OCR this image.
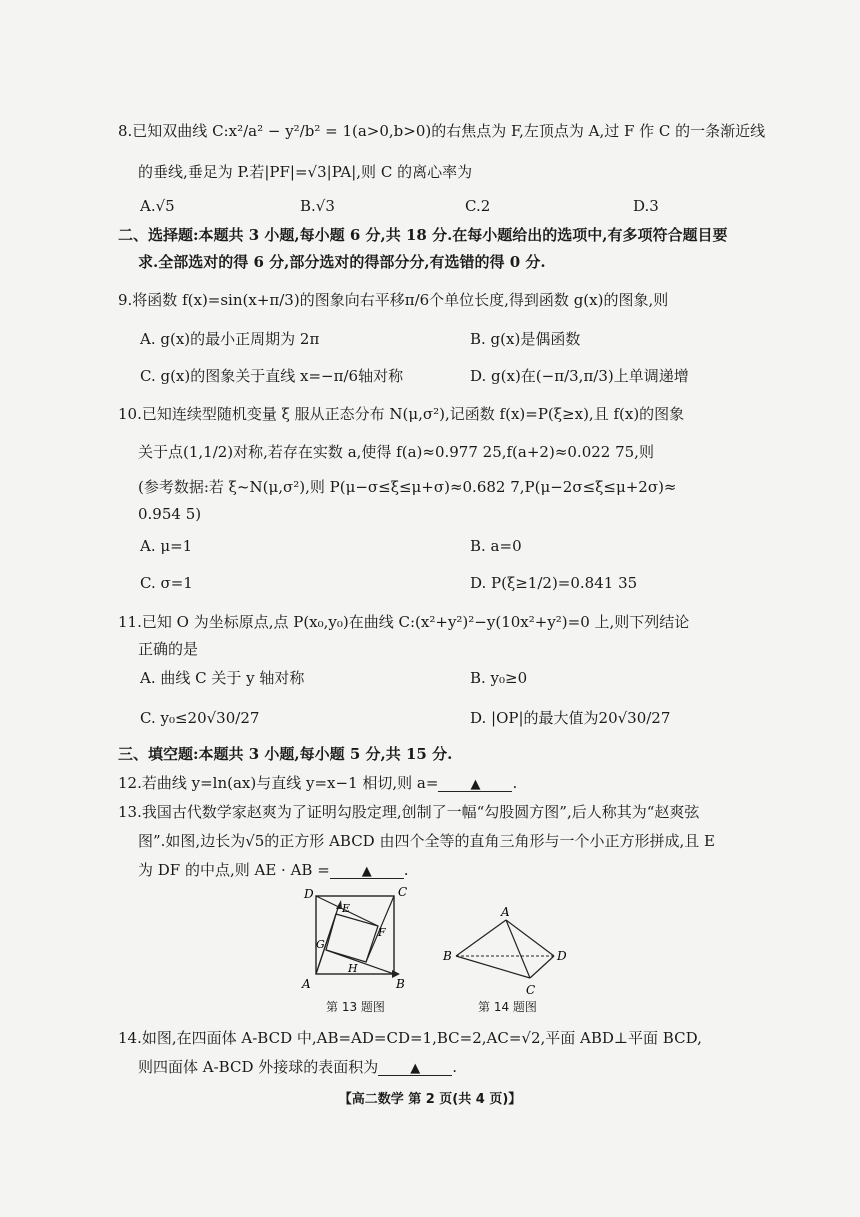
8.已知双曲线 C:x²/a² − y²/b² = 1(a>0,b>0)的右焦点为 F,左顶点为 A,过 F 作 C 的一条渐近线
的垂线,垂足为 P.若|PF|=√3|PA|,则 C 的离心率为
A.√5	B.√3	C.2	D.3
二、选择题:本题共 3 小题,每小题 6 分,共 18 分.在每小题给出的选项中,有多项符合题目要
求.全部选对的得 6 分,部分选对的得部分分,有选错的得 0 分.
9.将函数 f(x)=sin(x+π/3)的图象向右平移π/6个单位长度,得到函数 g(x)的图象,则
A. g(x)的最小正周期为 2π	B. g(x)是偶函数
C. g(x)的图象关于直线 x=−π/6轴对称	D. g(x)在(−π/3,π/3)上单调递增
10.已知连续型随机变量 ξ 服从正态分布 N(μ,σ²),记函数 f(x)=P(ξ≥x),且 f(x)的图象
关于点(1,1/2)对称,若存在实数 a,使得 f(a)≈0.977 25,f(a+2)≈0.022 75,则
(参考数据:若 ξ~N(μ,σ²),则 P(μ−σ≤ξ≤μ+σ)≈0.682 7,P(μ−2σ≤ξ≤μ+2σ)≈
0.954 5)
A. μ=1	B. a=0
C. σ=1	D. P(ξ≥1/2)=0.841 35
11.已知 O 为坐标原点,点 P(x₀,y₀)在曲线 C:(x²+y²)²−y(10x²+y²)=0 上,则下列结论
正确的是
A. 曲线 C 关于 y 轴对称	B. y₀≥0
C. y₀≤20√30/27	D. |OP|的最大值为20√30/27
三、填空题:本题共 3 小题,每小题 5 分,共 15 分.
12.若曲线 y=ln(ax)与直线 y=x−1 相切,则 a= ▲ .
13.我国古代数学家赵爽为了证明勾股定理,创制了一幅“勾股圆方图”,后人称其为“赵爽弦
图”.如图,边长为√5的正方形 ABCD 由四个全等的直角三角形与一个小正方形拼成,且 E
为 DF 的中点,则 AE · AB = ▲ .
D	C
A	B
E
F
G
H
第 13 题图
A
B
C
D
第 14 题图
14.如图,在四面体 A-BCD 中,AB=AD=CD=1,BC=2,AC=√2,平面 ABD⊥平面 BCD,
则四面体 A-BCD 外接球的表面积为 ▲ .
【高二数学 第 2 页(共 4 页)】
